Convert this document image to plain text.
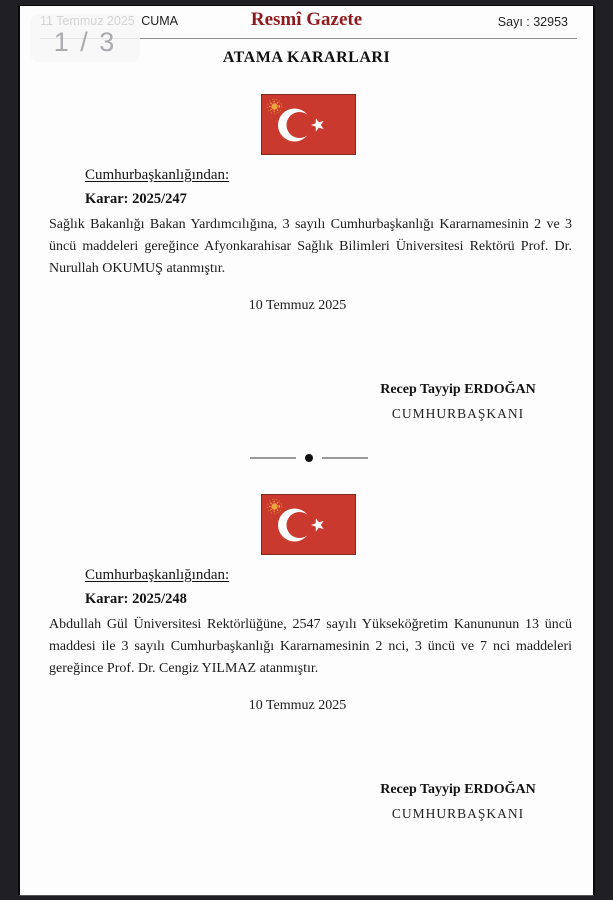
CUMA	Resmî Gazete	Sayı : 32953
1 / 3
ATAMA KARARLARI
Cumhurbaşkanlığından:
Karar: 2025/247
Sağlık Bakanlığı Bakan Yardımcılığına, 3 sayılı Cumhurbaşkanlığı Kararnamesinin 2 ve 3 üncü maddeleri gereğince Afyonkarahisar Sağlık Bilimleri Üniversitesi Rektörü Prof. Dr. Nurullah OKUMUŞ atanmıştır.
10 Temmuz 2025
Recep Tayyip ERDOĞAN
CUMHURBAŞKANI
Cumhurbaşkanlığından:
Karar: 2025/248
Abdullah Gül Üniversitesi Rektörlüğüne, 2547 sayılı Yükseköğretim Kanununun 13 üncü maddesi ile 3 sayılı Cumhurbaşkanlığı Kararnamesinin 2 nci, 3 üncü ve 7 nci maddeleri gereğince Prof. Dr. Cengiz YILMAZ atanmıştır.
10 Temmuz 2025
Recep Tayyip ERDOĞAN
CUMHURBAŞKANI
